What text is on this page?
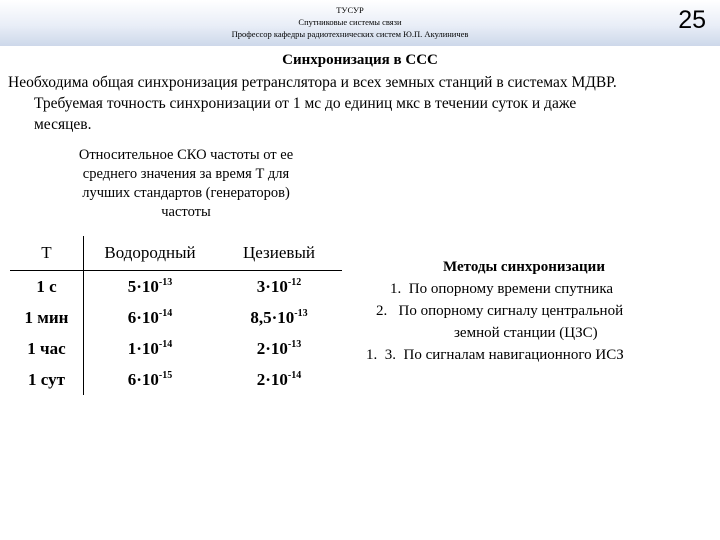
ТУСУР
Спутниковые системы связи
Профессор кафедры радиотехнических систем Ю.П. Акулиничев	25
Синхронизация в ССС
Необходима общая синхронизация ретранслятора и всех земных станций в системах МДВР.
Требуемая точность синхронизации от 1 мс до единиц мкс в течении суток и даже
месяцев.
Относительное СКО частоты от ее
среднего значения за время Т для
лучших стандартов (генераторов)
частоты
Т	Водородный	Цезиевый
1 с	$5\cdot 10^{-13}$	$3\cdot 10^{-12}$
1 мин	$6\cdot 10^{-14}$	$8,5\cdot 10^{-13}$
1 час	$1\cdot 10^{-14}$	$2\cdot 10^{-13}$
1 сут	$6\cdot 10^{-15}$	$2\cdot 10^{-14}$
Методы синхронизации
1. По опорному времени спутника
2. По опорному сигналу центральной
земной станции (ЦЗС)
1. 3. По сигналам навигационного ИСЗ
